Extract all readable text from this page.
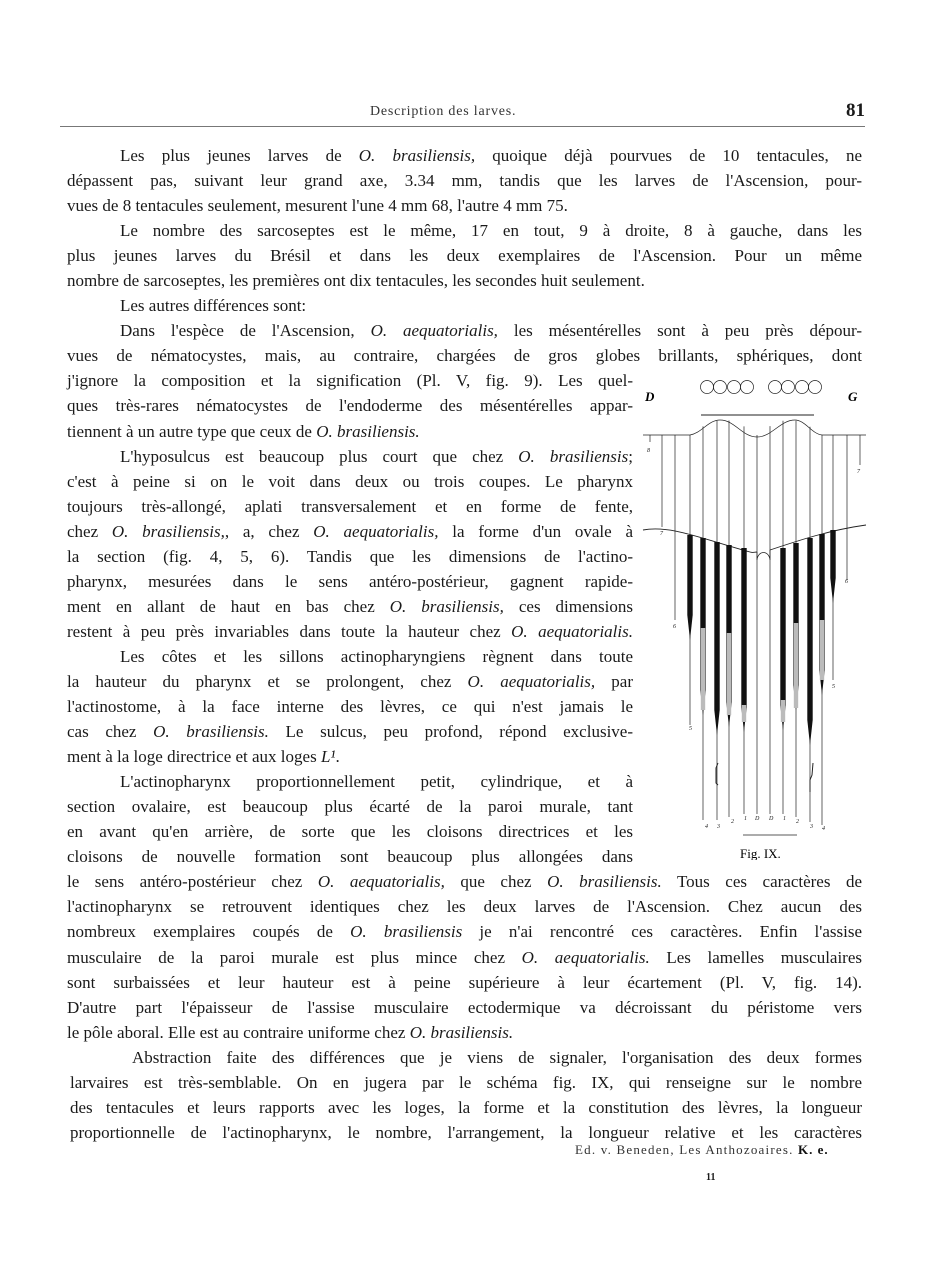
Description des larves.	81
Les plus jeunes larves de O. brasiliensis, quoique déjà pourvues de 10 tentacules, ne
dépassent pas, suivant leur grand axe, 3.34 mm, tandis que les larves de l'Ascension, pour-
vues de 8 tentacules seulement, mesurent l'une 4 mm 68, l'autre 4 mm 75.
Le nombre des sarcoseptes est le même, 17 en tout, 9 à droite, 8 à gauche, dans les
plus jeunes larves du Brésil et dans les deux exemplaires de l'Ascension. Pour un même
nombre de sarcoseptes, les premières ont dix tentacules, les secondes huit seulement.
Les autres différences sont:
Dans l'espèce de l'Ascension, O. aequatorialis, les mésentérelles sont à peu près dépour-
vues de nématocystes, mais, au contraire, chargées de gros globes brillants, sphériques, dont
j'ignore la composition et la signification (Pl. V, fig. 9). Les quel-
ques très-rares nématocystes de l'endoderme des mésentérelles appar-
tiennent à un autre type que ceux de O. brasiliensis.
L'hyposulcus est beaucoup plus court que chez O. brasiliensis;
c'est à peine si on le voit dans deux ou trois coupes. Le pharynx
toujours très-allongé, aplati transversalement et en forme de fente,
chez O. brasiliensis,, a, chez O. aequatorialis, la forme d'un ovale à
la section (fig. 4, 5, 6). Tandis que les dimensions de l'actino-
pharynx, mesurées dans le sens antéro-postérieur, gagnent rapide-
ment en allant de haut en bas chez O. brasiliensis, ces dimensions
restent à peu près invariables dans toute la hauteur chez O. aequatorialis.
Les côtes et les sillons actinopharyngiens règnent dans toute
la hauteur du pharynx et se prolongent, chez O. aequatorialis, par
l'actinostome, à la face interne des lèvres, ce qui n'est jamais le
cas chez O. brasiliensis. Le sulcus, peu profond, répond exclusive-
ment à la loge directrice et aux loges L¹.
L'actinopharynx proportionnellement petit, cylindrique, et à
section ovalaire, est beaucoup plus écarté de la paroi murale, tant
en avant qu'en arrière, de sorte que les cloisons directrices et les
cloisons de nouvelle formation sont beaucoup plus allongées dans
le sens antéro-postérieur chez O. aequatorialis, que chez O. brasiliensis. Tous ces caractères de
l'actinopharynx se retrouvent identiques chez les deux larves de l'Ascension. Chez aucun des
nombreux exemplaires coupés de O. brasiliensis je n'ai rencontré ces caractères. Enfin l'assise
musculaire de la paroi murale est plus mince chez O. aequatorialis. Les lamelles musculaires
sont surbaissées et leur hauteur est à peine supérieure à leur écartement (Pl. V, fig. 14).
D'autre part l'épaisseur de l'assise musculaire ectodermique va décroissant du péristome vers
le pôle aboral. Elle est au contraire uniforme chez O. brasiliensis.
Abstraction faite des différences que je viens de signaler, l'organisation des deux formes
larvaires est très-semblable. On en jugera par le schéma fig. IX, qui renseigne sur le nombre
des tentacules et leurs rapports avec les loges, la forme et la constitution des lèvres, la longueur
proportionnelle de l'actinopharynx, le nombre, l'arrangement, la longueur relative et les caractères
D	G
8
7
6
5
7
6
5
4 3
2 1 D D 1 2
3 4
Fig. IX.
Ed. v. Beneden, Les Anthozoaires. K. e.
11
